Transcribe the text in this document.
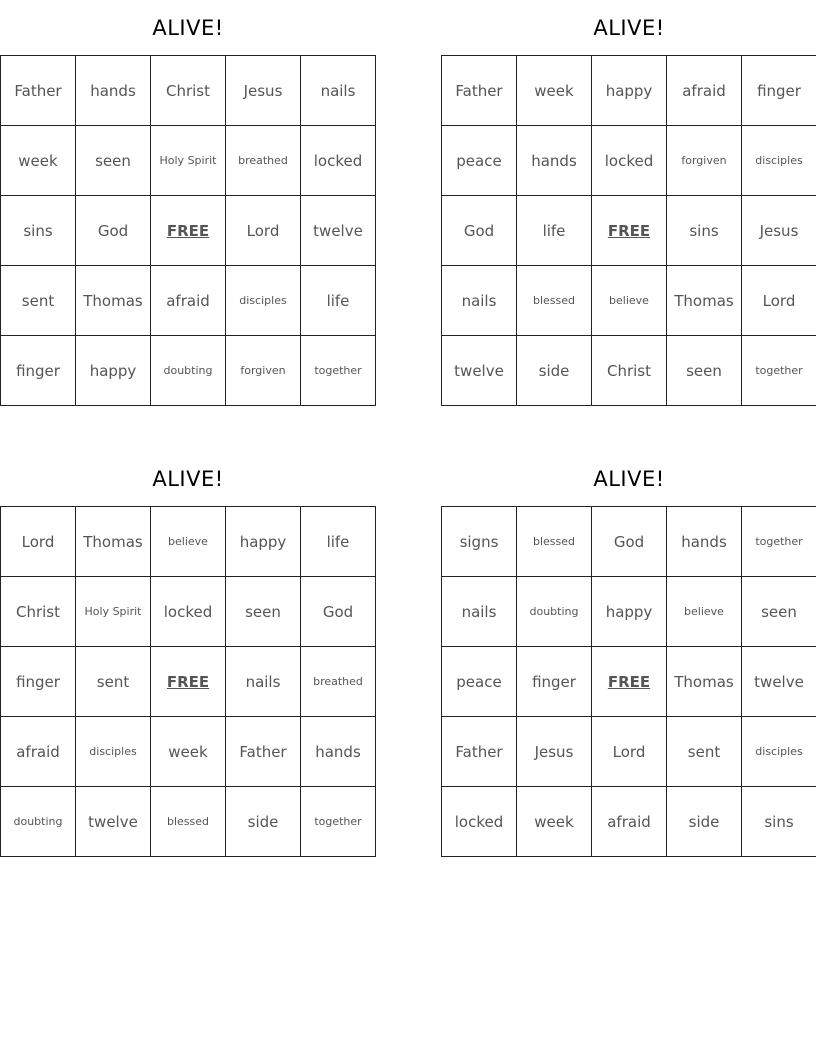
ALIVE!
Father	hands	Christ	Jesus	nails
week	seen	Holy Spirit	breathed	locked
sins	God	FREE	Lord	twelve
sent	Thomas	afraid	disciples	life
finger	happy	doubting	forgiven	together
ALIVE!
Father	week	happy	afraid	finger
peace	hands	locked	forgiven	disciples
God	life	FREE	sins	Jesus
nails	blessed	believe	Thomas	Lord
twelve	side	Christ	seen	together
ALIVE!
Lord	Thomas	believe	happy	life
Christ	Holy Spirit	locked	seen	God
finger	sent	FREE	nails	breathed
afraid	disciples	week	Father	hands
doubting	twelve	blessed	side	together
ALIVE!
signs	blessed	God	hands	together
nails	doubting	happy	believe	seen
peace	finger	FREE	Thomas	twelve
Father	Jesus	Lord	sent	disciples
locked	week	afraid	side	sins
